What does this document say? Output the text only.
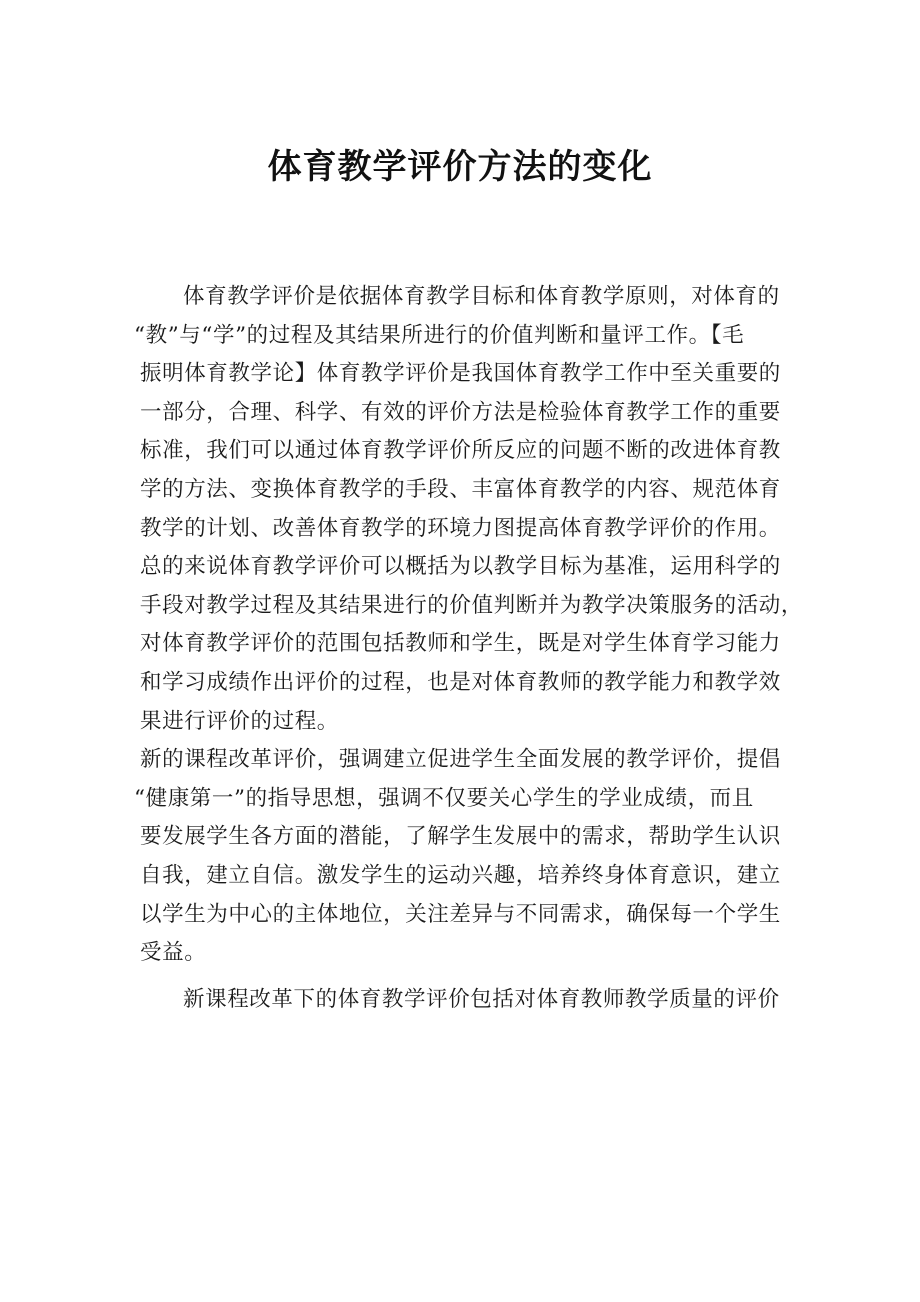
体育教学评价方法的变化
体育教学评价是依据体育教学目标和体育教学原则，对体育的
“教”与“学”的过程及其结果所进行的价值判断和量评工作。【毛
振明体育教学论】体育教学评价是我国体育教学工作中至关重要的
一部分，合理、科学、有效的评价方法是检验体育教学工作的重要
标准，我们可以通过体育教学评价所反应的问题不断的改进体育教
学的方法、变换体育教学的手段、丰富体育教学的内容、规范体育
教学的计划、改善体育教学的环境力图提高体育教学评价的作用。
总的来说体育教学评价可以概括为以教学目标为基准，运用科学的
手段对教学过程及其结果进行的价值判断并为教学决策服务的活动，
对体育教学评价的范围包括教师和学生，既是对学生体育学习能力
和学习成绩作出评价的过程，也是对体育教师的教学能力和教学效
果进行评价的过程。
新的课程改革评价，强调建立促进学生全面发展的教学评价，提倡
“健康第一”的指导思想，强调不仅要关心学生的学业成绩，而且
要发展学生各方面的潜能，了解学生发展中的需求，帮助学生认识
自我，建立自信。激发学生的运动兴趣，培养终身体育意识，建立
以学生为中心的主体地位，关注差异与不同需求，确保每一个学生
受益。
新课程改革下的体育教学评价包括对体育教师教学质量的评价
